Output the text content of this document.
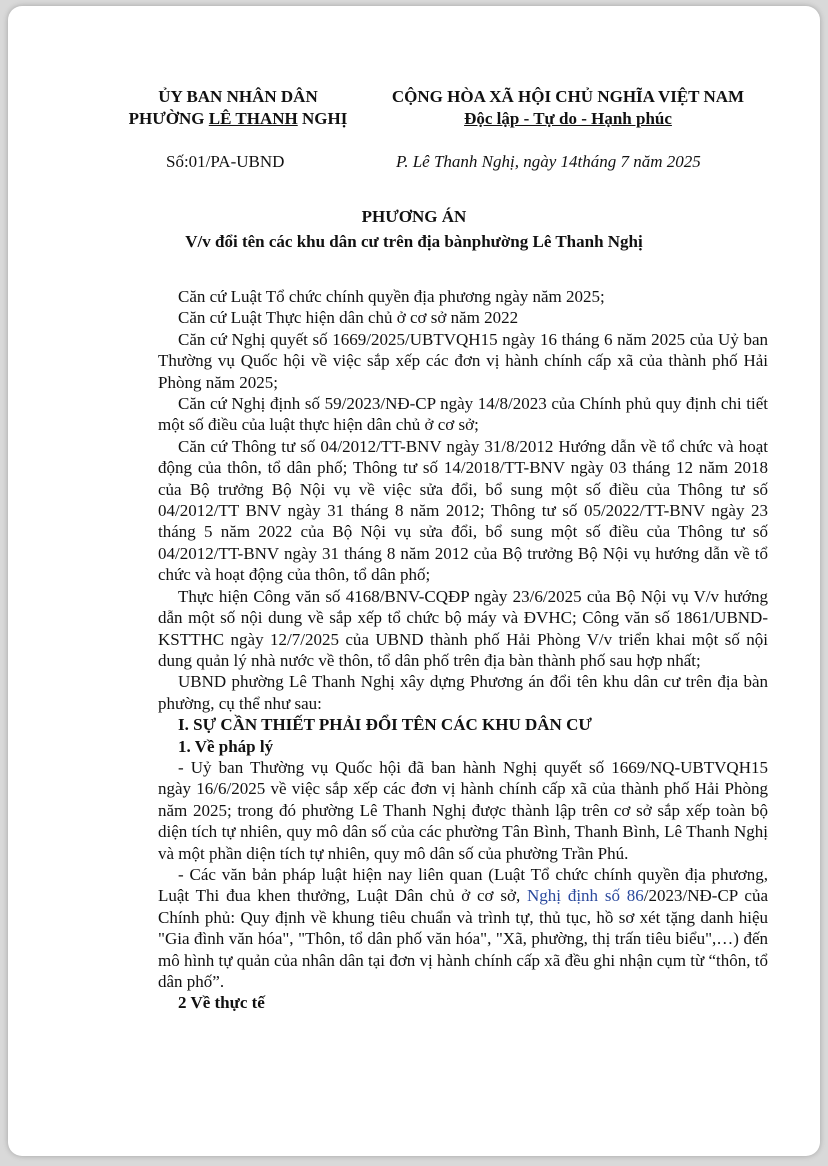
ỦY BAN NHÂN DÂN
PHƯỜNG LÊ THANH NGHỊ
CỘNG HÒA XÃ HỘI CHỦ NGHĨA VIỆT NAM
Độc lập - Tự do - Hạnh phúc
Số:01/PA-UBND	P. Lê Thanh Nghị, ngày 14tháng 7 năm 2025
PHƯƠNG ÁN
V/v đổi tên các khu dân cư trên địa bànphường Lê Thanh Nghị

Căn cứ Luật Tổ chức chính quyền địa phương ngày năm 2025;

Căn cứ Luật Thực hiện dân chủ ở cơ sở năm 2022

Căn cứ Nghị quyết số 1669/2025/UBTVQH15 ngày 16 tháng 6 năm 2025 của Uỷ ban Thường vụ Quốc hội về việc sắp xếp các đơn vị hành chính cấp xã của thành phố Hải Phòng năm 2025;

Căn cứ Nghị định số 59/2023/NĐ-CP ngày 14/8/2023 của Chính phủ quy định chi tiết một số điều của luật thực hiện dân chủ ở cơ sở;

Căn cứ Thông tư số 04/2012/TT-BNV ngày 31/8/2012 Hướng dẫn về tổ chức và hoạt động của thôn, tổ dân phố; Thông tư số 14/2018/TT-BNV ngày 03 tháng 12 năm 2018 của Bộ trưởng Bộ Nội vụ về việc sửa đổi, bổ sung một số điều của Thông tư số 04/2012/TT BNV ngày 31 tháng 8 năm 2012; Thông tư số 05/2022/TT-BNV ngày 23 tháng 5 năm 2022 của Bộ Nội vụ sửa đổi, bổ sung một số điều của Thông tư số 04/2012/TT-BNV ngày 31 tháng 8 năm 2012 của Bộ trưởng Bộ Nội vụ hướng dẫn về tổ chức và hoạt động của thôn, tổ dân phố;

Thực hiện Công văn số 4168/BNV-CQĐP ngày 23/6/2025 của Bộ Nội vụ V/v hướng dẫn một số nội dung về sắp xếp tổ chức bộ máy và ĐVHC; Công văn số 1861/UBND-KSTTHC ngày 12/7/2025 của UBND thành phố Hải Phòng V/v triển khai một số nội dung quản lý nhà nước về thôn, tổ dân phố trên địa bàn thành phố sau hợp nhất;

UBND phường Lê Thanh Nghị xây dựng Phương án đổi tên khu dân cư trên địa bàn phường, cụ thể như sau:

I. SỰ CẦN THIẾT PHẢI ĐỔI TÊN CÁC KHU DÂN CƯ

1. Về pháp lý

- Uỷ ban Thường vụ Quốc hội đã ban hành Nghị quyết số 1669/NQ-UBTVQH15 ngày 16/6/2025 về việc sắp xếp các đơn vị hành chính cấp xã của thành phố Hải Phòng năm 2025; trong đó phường Lê Thanh Nghị được thành lập trên cơ sở sắp xếp toàn bộ diện tích tự nhiên, quy mô dân số của các phường Tân Bình, Thanh Bình, Lê Thanh Nghị và một phần diện tích tự nhiên, quy mô dân số của phường Trần Phú.

- Các văn bản pháp luật hiện nay liên quan (Luật Tổ chức chính quyền địa phương, Luật Thi đua khen thưởng, Luật Dân chủ ở cơ sở, Nghị định số 86/2023/NĐ-CP của Chính phủ: Quy định về khung tiêu chuẩn và trình tự, thủ tục, hồ sơ xét tặng danh hiệu "Gia đình văn hóa", "Thôn, tổ dân phố văn hóa", "Xã, phường, thị trấn tiêu biểu",…) đến mô hình tự quản của nhân dân tại đơn vị hành chính cấp xã đều ghi nhận cụm từ “thôn, tổ dân phố”.

2 Về thực tế
